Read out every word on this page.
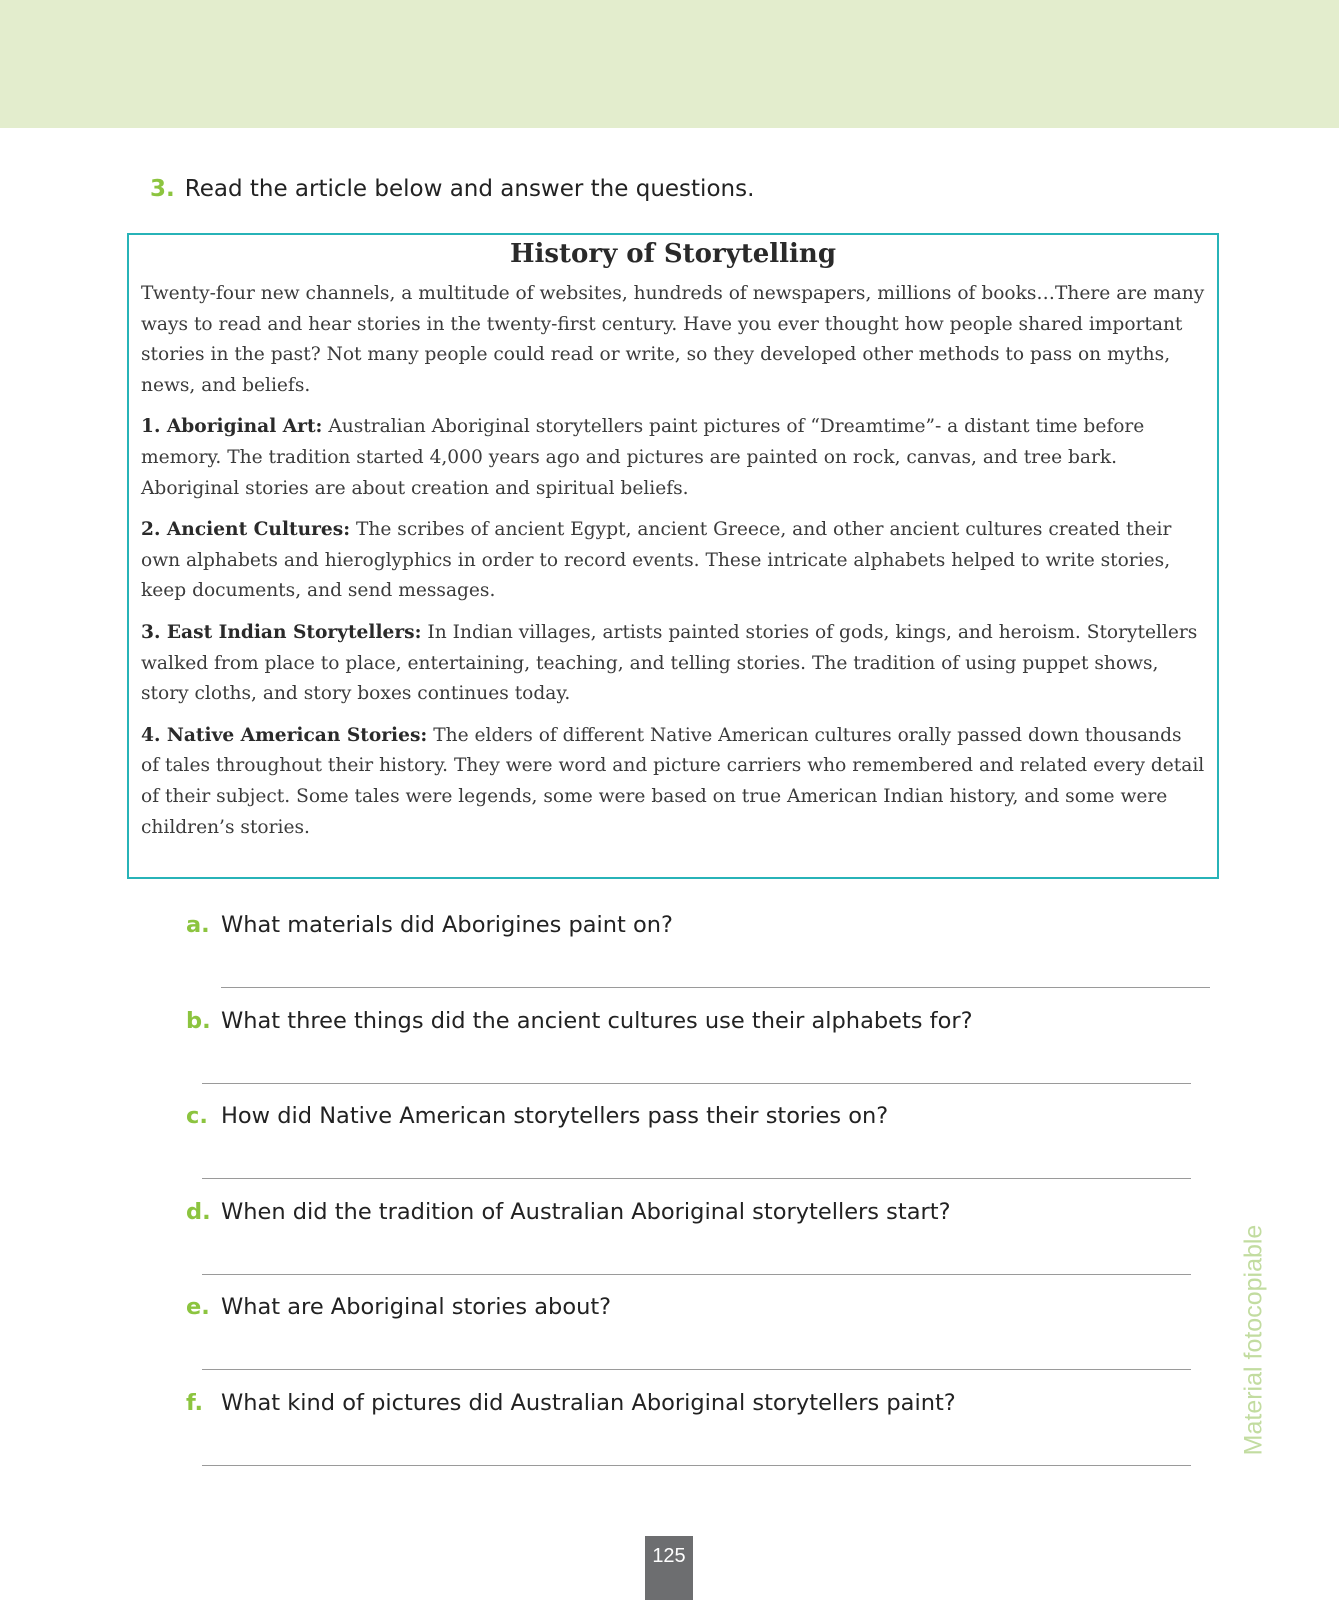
3. Read the article below and answer the questions.
History of Storytelling

Twenty-four new channels, a multitude of websites, hundreds of newspapers, millions of books…There are many ways to read and hear stories in the twenty-first century. Have you ever thought how people shared important stories in the past? Not many people could read or write, so they developed other methods to pass on myths, news, and beliefs.

1. Aboriginal Art: Australian Aboriginal storytellers paint pictures of “Dreamtime”- a distant time before memory. The tradition started 4,000 years ago and pictures are painted on rock, canvas, and tree bark. Aboriginal stories are about creation and spiritual beliefs.

2. Ancient Cultures: The scribes of ancient Egypt, ancient Greece, and other ancient cultures created their own alphabets and hieroglyphics in order to record events. These intricate alphabets helped to write stories, keep documents, and send messages.

3. East Indian Storytellers: In Indian villages, artists painted stories of gods, kings, and heroism. Storytellers walked from place to place, entertaining, teaching, and telling stories. The tradition of using puppet shows, story cloths, and story boxes continues today.

4. Native American Stories: The elders of different Native American cultures orally passed down thousands of tales throughout their history. They were word and picture carriers who remembered and related every detail of their subject. Some tales were legends, some were based on true American Indian history, and some were children’s stories.

a. What materials did Aborigines paint on?
b. What three things did the ancient cultures use their alphabets for?
c. How did Native American storytellers pass their stories on?
d. When did the tradition of Australian Aboriginal storytellers start?
e. What are Aboriginal stories about?
f. What kind of pictures did Australian Aboriginal storytellers paint?	Material fotocopiable
125
